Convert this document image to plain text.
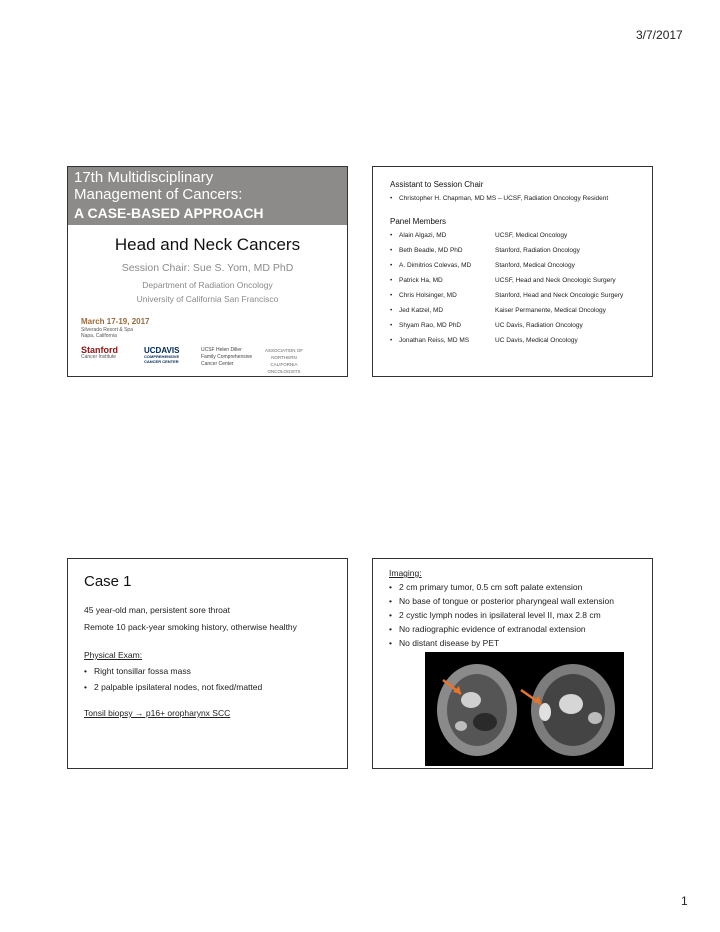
3/7/2017
17th Multidisciplinary
Management of Cancers:
A CASE-BASED APPROACH
Head and Neck Cancers
Session Chair: Sue S. Yom, MD PhD
Department of Radiation Oncology
University of California San Francisco
March 17-19, 2017
Silverado Resort & Spa
Napa, California
Stanford
Cancer Institute
UCDAVIS
COMPREHENSIVE CANCER CENTER
UCSF Helen Diller Family Comprehensive Cancer Center
ASSOCIATION OF NORTHERN CALIFORNIA ONCOLOGISTS
Assistant to Session Chair
• Christopher H. Chapman, MD MS – UCSF, Radiation Oncology Resident
Panel Members
• Alain Algazi, MD	UCSF, Medical Oncology
• Beth Beadle, MD PhD	Stanford, Radiation Oncology
• A. Dimitrios Colevas, MD	Stanford, Medical Oncology
• Patrick Ha, MD	UCSF, Head and Neck Oncologic Surgery
• Chris Holsinger, MD	Stanford, Head and Neck Oncologic Surgery
• Jed Katzel, MD	Kaiser Permanente, Medical Oncology
• Shyam Rao, MD PhD	UC Davis, Radiation Oncology
• Jonathan Reiss, MD MS	UC Davis, Medical Oncology
Case 1
45 year-old man, persistent sore throat
Remote 10 pack-year smoking history, otherwise healthy
Physical Exam:
• Right tonsillar fossa mass
• 2 palpable ipsilateral nodes, not fixed/matted
Tonsil biopsy → p16+ oropharynx SCC
Imaging:
• 2 cm primary tumor, 0.5 cm soft palate extension
• No base of tongue or posterior pharyngeal wall extension
• 2 cystic lymph nodes in ipsilateral level II, max 2.8 cm
• No radiographic evidence of extranodal extension
• No distant disease by PET
1
